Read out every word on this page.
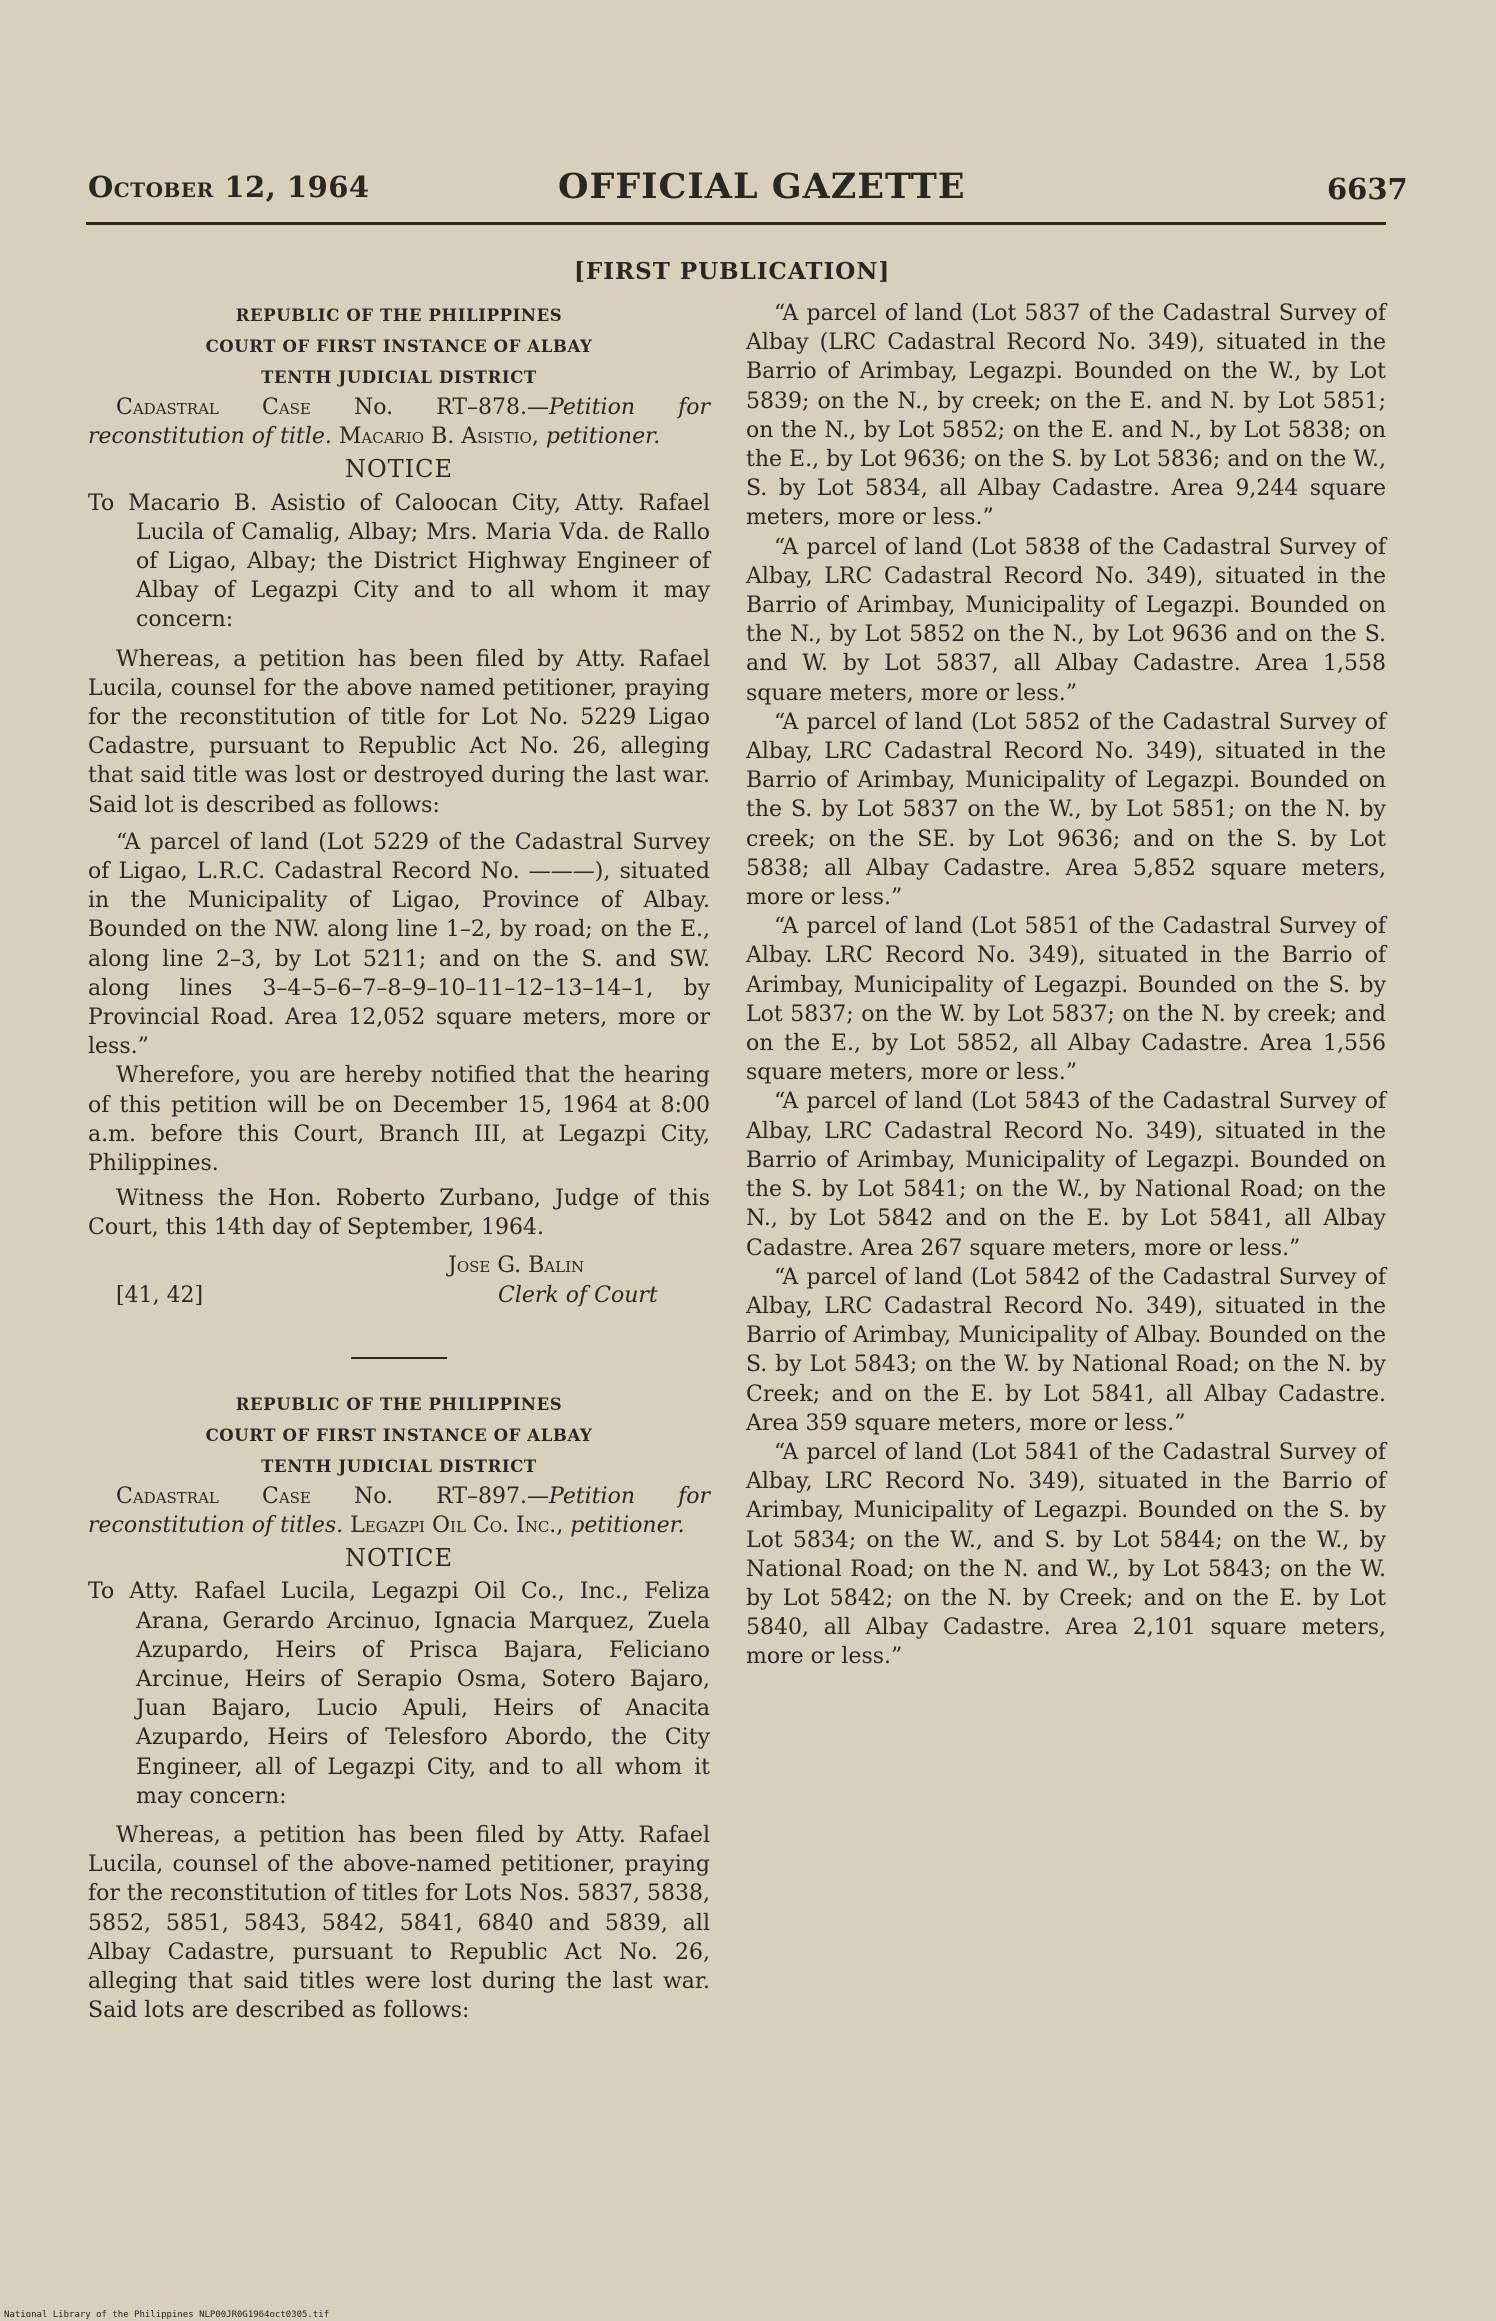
October 12, 1964	OFFICIAL GAZETTE	6637
[FIRST PUBLICATION]
REPUBLIC OF THE PHILIPPINES
COURT OF FIRST INSTANCE OF ALBAY
TENTH JUDICIAL DISTRICT

Cadastral Case No. RT–878.—Petition for reconstitution of title. Macario B. Asistio, petitioner.

NOTICE

To Macario B. Asistio of Caloocan City, Atty. Rafael Lucila of Camalig, Albay; Mrs. Maria Vda. de Rallo of Ligao, Albay; the District Highway Engineer of Albay of Legazpi City and to all whom it may concern:

Whereas, a petition has been filed by Atty. Rafael Lucila, counsel for the above named petitioner, praying for the reconstitution of title for Lot No. 5229 Ligao Cadastre, pursuant to Republic Act No. 26, alleging that said title was lost or destroyed during the last war. Said lot is described as follows:

“A parcel of land (Lot 5229 of the Cadastral Survey of Ligao, L.R.C. Cadastral Record No. ———), situated in the Municipality of Ligao, Province of Albay. Bounded on the NW. along line 1–2, by road; on the E., along line 2–3, by Lot 5211; and on the S. and SW. along lines 3–4–5–6–7–8–9–10–11–12–13–14–1, by Provincial Road. Area 12,052 square meters, more or less.”

Wherefore, you are hereby notified that the hearing of this petition will be on December 15, 1964 at 8:00 a.m. before this Court, Branch III, at Legazpi City, Philippines.

Witness the Hon. Roberto Zurbano, Judge of this Court, this 14th day of September, 1964.

Jose G. Balin
[41, 42]	Clerk of Court
REPUBLIC OF THE PHILIPPINES
COURT OF FIRST INSTANCE OF ALBAY
TENTH JUDICIAL DISTRICT

Cadastral Case No. RT–897.—Petition for reconstitution of titles. Legazpi Oil Co. Inc., petitioner.

NOTICE

To Atty. Rafael Lucila, Legazpi Oil Co., Inc., Feliza Arana, Gerardo Arcinuo, Ignacia Marquez, Zuela Azupardo, Heirs of Prisca Bajara, Feliciano Arcinue, Heirs of Serapio Osma, Sotero Bajaro, Juan Bajaro, Lucio Apuli, Heirs of Anacita Azupardo, Heirs of Telesforo Abordo, the City Engineer, all of Legazpi City, and to all whom it may concern:

Whereas, a petition has been filed by Atty. Rafael Lucila, counsel of the above-named petitioner, praying for the reconstitution of titles for Lots Nos. 5837, 5838, 5852, 5851, 5843, 5842, 5841, 6840 and 5839, all Albay Cadastre, pursuant to Republic Act No. 26, alleging that said titles were lost during the last war. Said lots are described as follows:

“A parcel of land (Lot 5837 of the Cadastral Survey of Albay (LRC Cadastral Record No. 349), situated in the Barrio of Arimbay, Legazpi. Bounded on the W., by Lot 5839; on the N., by creek; on the E. and N. by Lot 5851; on the N., by Lot 5852; on the E. and N., by Lot 5838; on the E., by Lot 9636; on the S. by Lot 5836; and on the W., S. by Lot 5834, all Albay Cadastre. Area 9,244 square meters, more or less.”

“A parcel of land (Lot 5838 of the Cadastral Survey of Albay, LRC Cadastral Record No. 349), situated in the Barrio of Arimbay, Municipality of Legazpi. Bounded on the N., by Lot 5852 on the N., by Lot 9636 and on the S. and W. by Lot 5837, all Albay Cadastre. Area 1,558 square meters, more or less.”

“A parcel of land (Lot 5852 of the Cadastral Survey of Albay, LRC Cadastral Record No. 349), situated in the Barrio of Arimbay, Municipality of Legazpi. Bounded on the S. by Lot 5837 on the W., by Lot 5851; on the N. by creek; on the SE. by Lot 9636; and on the S. by Lot 5838; all Albay Cadastre. Area 5,852 square meters, more or less.”

“A parcel of land (Lot 5851 of the Cadastral Survey of Albay. LRC Record No. 349), situated in the Barrio of Arimbay, Municipality of Legazpi. Bounded on the S. by Lot 5837; on the W. by Lot 5837; on the N. by creek; and on the E., by Lot 5852, all Albay Cadastre. Area 1,556 square meters, more or less.”

“A parcel of land (Lot 5843 of the Cadastral Survey of Albay, LRC Cadastral Record No. 349), situated in the Barrio of Arimbay, Municipality of Legazpi. Bounded on the S. by Lot 5841; on the W., by National Road; on the N., by Lot 5842 and on the E. by Lot 5841, all Albay Cadastre. Area 267 square meters, more or less.”

“A parcel of land (Lot 5842 of the Cadastral Survey of Albay, LRC Cadastral Record No. 349), situated in the Barrio of Arimbay, Municipality of Albay. Bounded on the S. by Lot 5843; on the W. by National Road; on the N. by Creek; and on the E. by Lot 5841, all Albay Cadastre. Area 359 square meters, more or less.”

“A parcel of land (Lot 5841 of the Cadastral Survey of Albay, LRC Record No. 349), situated in the Barrio of Arimbay, Municipality of Legazpi. Bounded on the S. by Lot 5834; on the W., and S. by Lot 5844; on the W., by National Road; on the N. and W., by Lot 5843; on the W. by Lot 5842; on the N. by Creek; and on the E. by Lot 5840, all Albay Cadastre. Area 2,101 square meters, more or less.”

National Library of the Philippines NLP00JR0G1964oct0305.tif
